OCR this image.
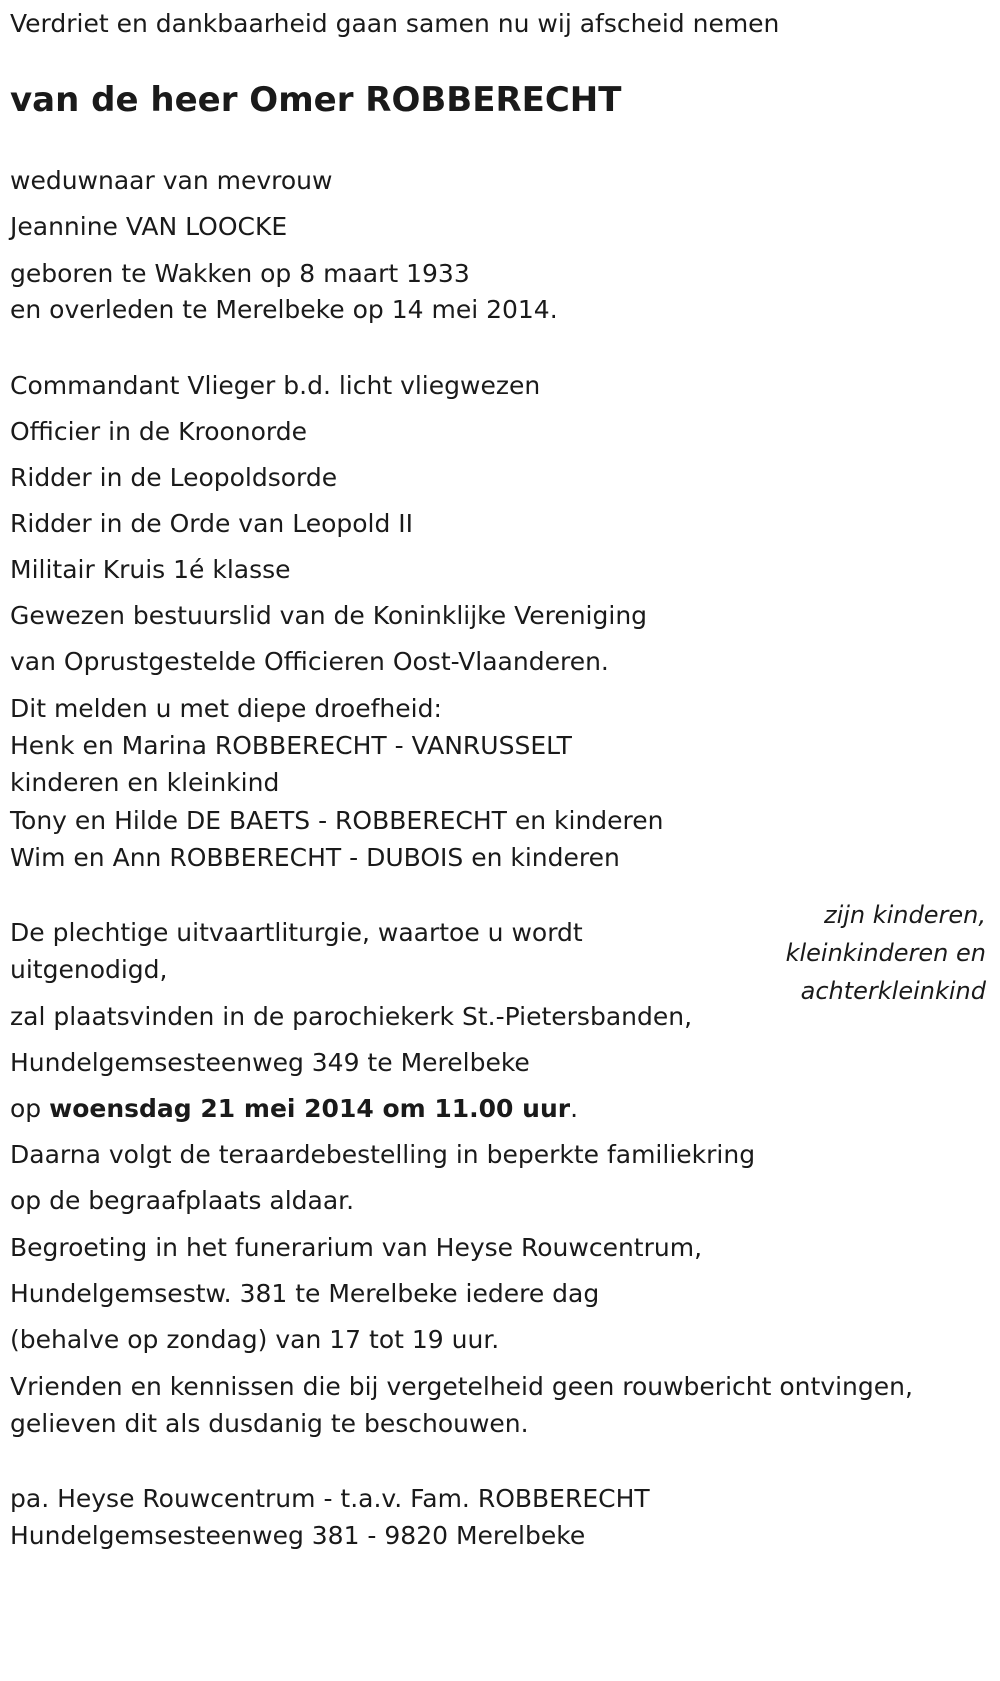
Verdriet en dankbaarheid gaan samen nu wij afscheid nemen
van de heer Omer ROBBERECHT
weduwnaar van mevrouw
Jeannine VAN LOOCKE
geboren te Wakken op 8 maart 1933
en overleden te Merelbeke op 14 mei 2014.
Commandant Vlieger b.d. licht vliegwezen
Officier in de Kroonorde
Ridder in de Leopoldsorde
Ridder in de Orde van Leopold II
Militair Kruis 1é klasse
Gewezen bestuurslid van de Koninklijke Vereniging
van Oprustgestelde Officieren Oost-Vlaanderen.
Dit melden u met diepe droefheid:
Henk en Marina ROBBERECHT - VANRUSSELT
kinderen en kleinkind
Tony en Hilde DE BAETS - ROBBERECHT en kinderen
Wim en Ann ROBBERECHT - DUBOIS en kinderen
De plechtige uitvaartliturgie, waartoe u wordt
uitgenodigd,
zal plaatsvinden in de parochiekerk St.-Pietersbanden,
Hundelgemsesteenweg 349 te Merelbeke
op woensdag 21 mei 2014 om 11.00 uur.
Daarna volgt de teraardebestelling in beperkte familiekring
op de begraafplaats aldaar.
Begroeting in het funerarium van Heyse Rouwcentrum,
Hundelgemsestw. 381 te Merelbeke iedere dag
(behalve op zondag) van 17 tot 19 uur.
Vrienden en kennissen die bij vergetelheid geen rouwbericht ontvingen,
gelieven dit als dusdanig te beschouwen.
pa. Heyse Rouwcentrum - t.a.v. Fam. ROBBERECHT
Hundelgemsesteenweg 381 - 9820 Merelbeke
zijn kinderen,
kleinkinderen en
achterkleinkind
